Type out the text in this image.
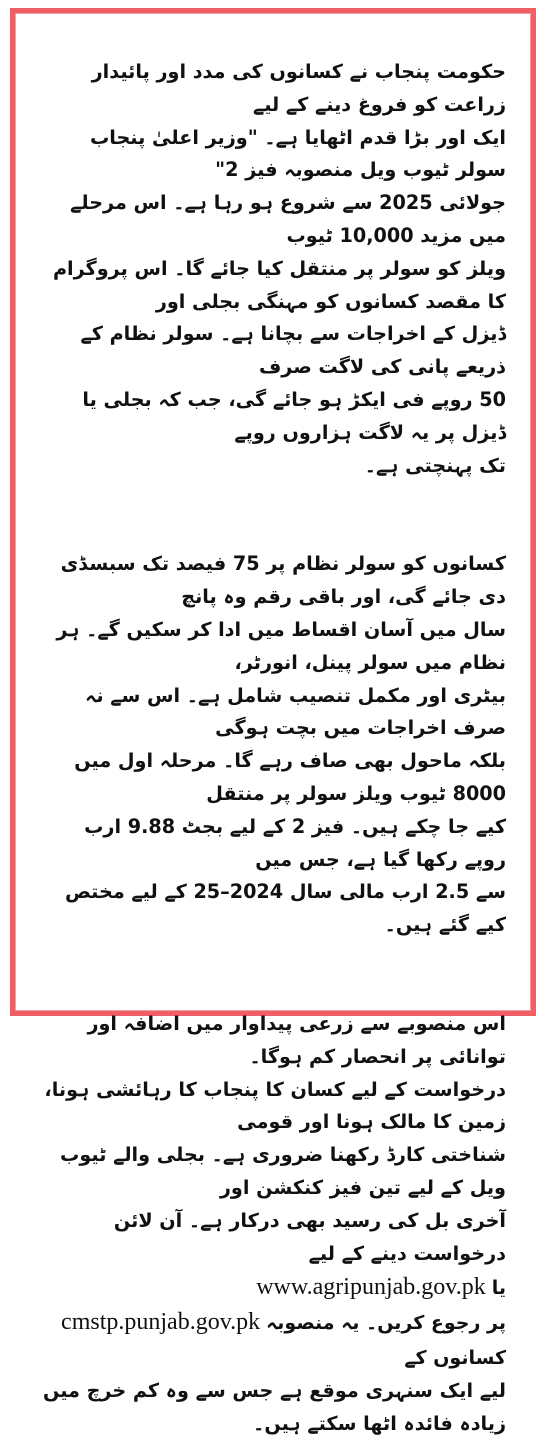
حکومت پنجاب نے کسانوں کی مدد اور پائیدار زراعت کو فروغ دینے کے لیے

ایک اور بڑا قدم اٹھایا ہے۔ "وزیر اعلیٰ پنجاب سولر ٹیوب ویل منصوبہ فیز 2"

جولائی 2025 سے شروع ہو رہا ہے۔ اس مرحلے میں مزید 10,000 ٹیوب

ویلز کو سولر پر منتقل کیا جائے گا۔ اس پروگرام کا مقصد کسانوں کو مہنگی بجلی اور

ڈیزل کے اخراجات سے بچانا ہے۔ سولر نظام کے ذریعے پانی کی لاگت صرف

50 روپے فی ایکڑ ہو جائے گی، جب کہ بجلی یا ڈیزل پر یہ لاگت ہزاروں روپے

تک پہنچتی ہے۔

کسانوں کو سولر نظام پر 75 فیصد تک سبسڈی دی جائے گی، اور باقی رقم وہ پانچ

سال میں آسان اقساط میں ادا کر سکیں گے۔ ہر نظام میں سولر پینل، انورٹر،

بیٹری اور مکمل تنصیب شامل ہے۔ اس سے نہ صرف اخراجات میں بچت ہوگی

بلکہ ماحول بھی صاف رہے گا۔ مرحلہ اول میں 8000 ٹیوب ویلز سولر پر منتقل

کیے جا چکے ہیں۔ فیز 2 کے لیے بجٹ 9.88 ارب روپے رکھا گیا ہے، جس میں

سے 2.5 ارب مالی سال 2024–25 کے لیے مختص کیے گئے ہیں۔

اس منصوبے سے زرعی پیداوار میں اضافہ اور توانائی پر انحصار کم ہوگا۔

درخواست کے لیے کسان کا پنجاب کا رہائشی ہونا، زمین کا مالک ہونا اور قومی

شناختی کارڈ رکھنا ضروری ہے۔ بجلی والے ٹیوب ویل کے لیے تین فیز کنکشن اور

آخری بل کی رسید بھی درکار ہے۔ آن لائن درخواست دینے کے لیے

www.agripunjab.gov.pk یا

cmstp.punjab.gov.pk پر رجوع کریں۔ یہ منصوبہ کسانوں کے

لیے ایک سنہری موقع ہے جس سے وہ کم خرچ میں زیادہ فائدہ اٹھا سکتے ہیں۔
